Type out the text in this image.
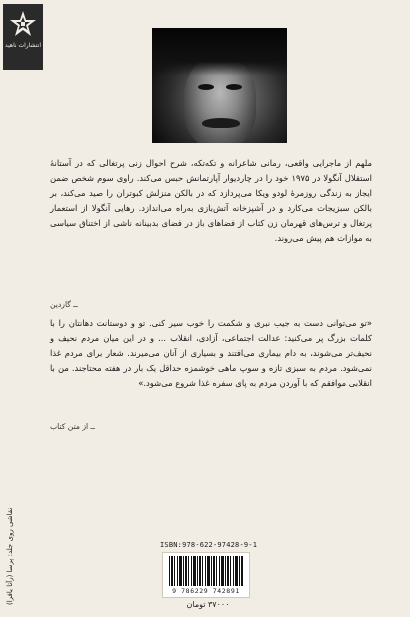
انتشارات ناهید
ملهم از ماجرایی واقعی، رمانی شاعرانه و تکه‌تکه، شرح احوال زنی پرتغالی که در آستانهٔ استقلال آنگولا در ۱۹۷۵ خود را در چاردیوار آپارتمانش حبس می‌کند. راوی سوم شخص ضمن ایجاز به زندگی روزمرهٔ لودو ویکا می‌پردازد که در بالکن منزلش کبوتران را صید می‌کند، بر بالکن سبزیجات می‌کارد و در آشپزخانه آتش‌بازی به‌راه می‌اندازد. رهایی آنگولا از استعمار پرتغال و ترس‌های قهرمان زن کتاب از فضاهای باز در فضای بدبینانه ناشی از اختناق سیاسی به موازات هم پیش می‌روند.
ــ گاردین
«تو می‌توانی دست به جیب نبری و شکمت را خوب سیر کنی. تو و دوستانت دهانتان را با کلمات بزرگ پر می‌کنید: عدالت اجتماعی، آزادی، انقلاب ... و در این میان مردم نحیف و نحیف‌تر می‌شوند، به دام بیماری می‌افتند و بسیاری از آنان می‌میرند. شعار برای مردم غذا نمی‌شود. مردم به سبزی تازه و سوپ ماهی خوشمزه حداقل یک بار در هفته محتاجند. من با انقلابی موافقم که با آوردن مردم به پای سفره غذا شروع می‌شود.»
ــ از متن کتاب
نقاشی روی جلد: پرسا (رآتا یافرا)	ISBN:978-622-97428-9-1
9 786229 742891
۳۷۰۰۰ تومان
